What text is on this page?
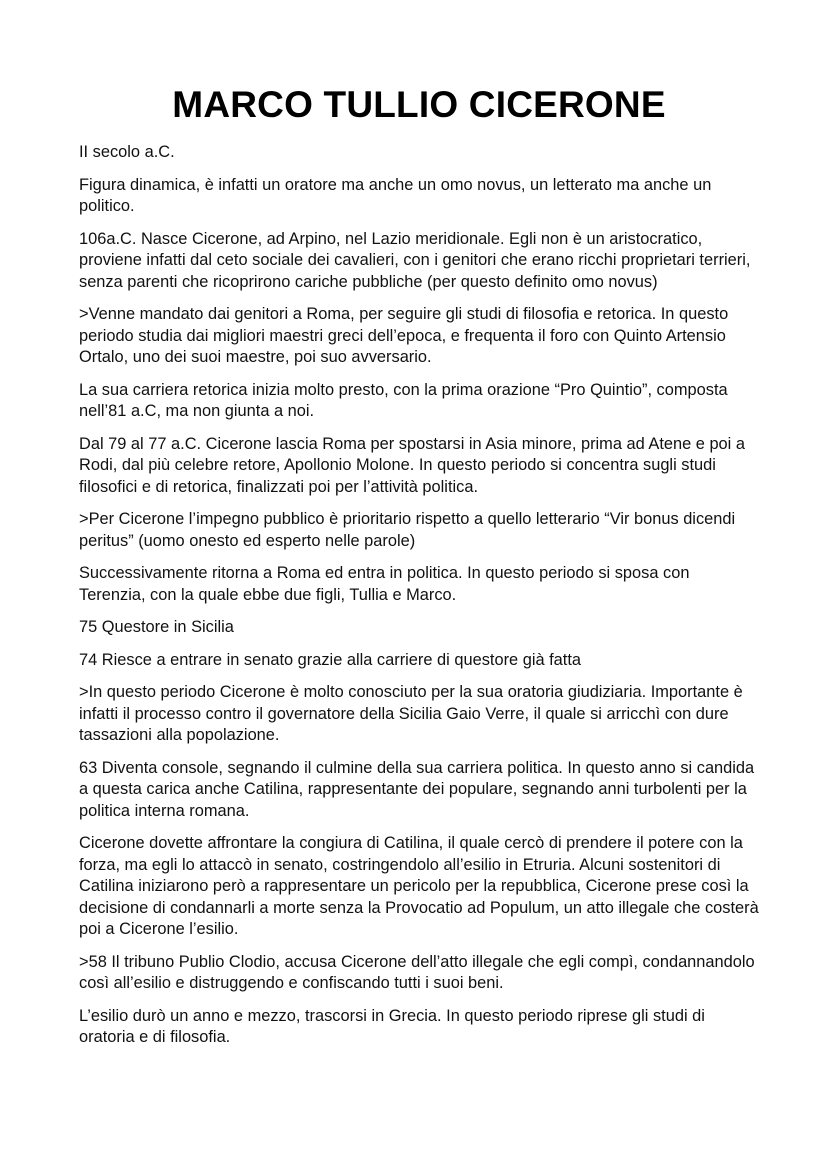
MARCO TULLIO CICERONE

II secolo a.C.

Figura dinamica, è infatti un oratore ma anche un omo novus, un letterato ma anche un politico.

106a.C. Nasce Cicerone, ad Arpino, nel Lazio meridionale. Egli non è un aristocratico, proviene infatti dal ceto sociale dei cavalieri, con i genitori che erano ricchi proprietari terrieri, senza parenti che ricoprirono cariche pubbliche (per questo definito omo novus)

>Venne mandato dai genitori a Roma, per seguire gli studi di filosofia e retorica. In questo periodo studia dai migliori maestri greci dell’epoca, e frequenta il foro con Quinto Artensio Ortalo, uno dei suoi maestre, poi suo avversario.

La sua carriera retorica inizia molto presto, con la prima orazione “Pro Quintio”, composta nell’81 a.C, ma non giunta a noi.

Dal 79 al 77 a.C. Cicerone lascia Roma per spostarsi in Asia minore, prima ad Atene e poi a Rodi, dal più celebre retore, Apollonio Molone. In questo periodo si concentra sugli studi filosofici e di retorica, finalizzati poi per l’attività politica.

>Per Cicerone l’impegno pubblico è prioritario rispetto a quello letterario “Vir bonus dicendi peritus” (uomo onesto ed esperto nelle parole)

Successivamente ritorna a Roma ed entra in politica. In questo periodo si sposa con Terenzia, con la quale ebbe due figli, Tullia e Marco.

75 Questore in Sicilia

74 Riesce a entrare in senato grazie alla carriere di questore già fatta

>In questo periodo Cicerone è molto conosciuto per la sua oratoria giudiziaria. Importante è infatti il processo contro il governatore della Sicilia Gaio Verre, il quale si arricchì con dure tassazioni alla popolazione.

63 Diventa console, segnando il culmine della sua carriera politica. In questo anno si candida a questa carica anche Catilina, rappresentante dei populare, segnando anni turbolenti per la politica interna romana.

Cicerone dovette affrontare la congiura di Catilina, il quale cercò di prendere il potere con la forza, ma egli lo attaccò in senato, costringendolo all’esilio in Etruria. Alcuni sostenitori di Catilina iniziarono però a rappresentare un pericolo per la repubblica, Cicerone prese così la decisione di condannarli a morte senza la Provocatio ad Populum, un atto illegale che costerà poi a Cicerone l’esilio.

>58 Il tribuno Publio Clodio, accusa Cicerone dell’atto illegale che egli compì, condannandolo così all’esilio e distruggendo e confiscando tutti i suoi beni.

L’esilio durò un anno e mezzo, trascorsi in Grecia. In questo periodo riprese gli studi di oratoria e di filosofia.
